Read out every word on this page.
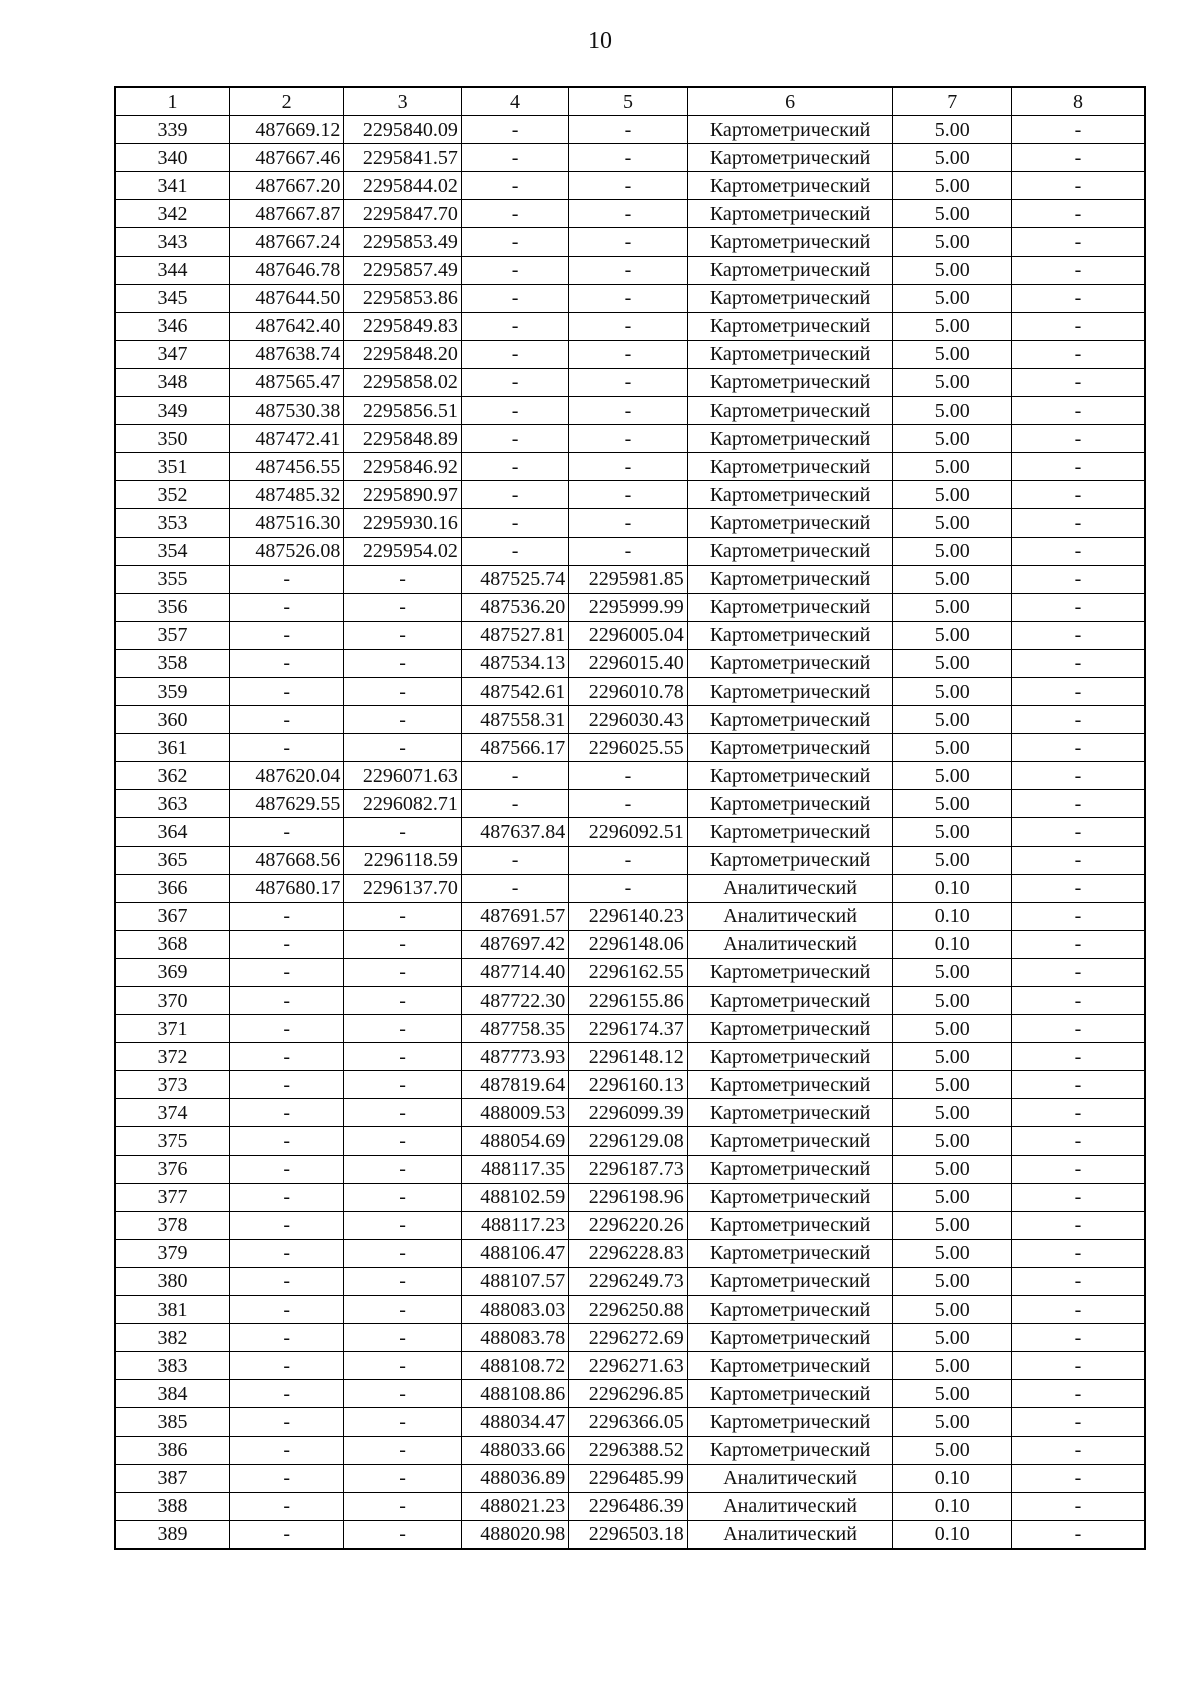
10
1	2	3	4	5	6	7	8
339	487669.12	2295840.09	-	-	Картометрический	5.00	-
340	487667.46	2295841.57	-	-	Картометрический	5.00	-
341	487667.20	2295844.02	-	-	Картометрический	5.00	-
342	487667.87	2295847.70	-	-	Картометрический	5.00	-
343	487667.24	2295853.49	-	-	Картометрический	5.00	-
344	487646.78	2295857.49	-	-	Картометрический	5.00	-
345	487644.50	2295853.86	-	-	Картометрический	5.00	-
346	487642.40	2295849.83	-	-	Картометрический	5.00	-
347	487638.74	2295848.20	-	-	Картометрический	5.00	-
348	487565.47	2295858.02	-	-	Картометрический	5.00	-
349	487530.38	2295856.51	-	-	Картометрический	5.00	-
350	487472.41	2295848.89	-	-	Картометрический	5.00	-
351	487456.55	2295846.92	-	-	Картометрический	5.00	-
352	487485.32	2295890.97	-	-	Картометрический	5.00	-
353	487516.30	2295930.16	-	-	Картометрический	5.00	-
354	487526.08	2295954.02	-	-	Картометрический	5.00	-
355	-	-	487525.74	2295981.85	Картометрический	5.00	-
356	-	-	487536.20	2295999.99	Картометрический	5.00	-
357	-	-	487527.81	2296005.04	Картометрический	5.00	-
358	-	-	487534.13	2296015.40	Картометрический	5.00	-
359	-	-	487542.61	2296010.78	Картометрический	5.00	-
360	-	-	487558.31	2296030.43	Картометрический	5.00	-
361	-	-	487566.17	2296025.55	Картометрический	5.00	-
362	487620.04	2296071.63	-	-	Картометрический	5.00	-
363	487629.55	2296082.71	-	-	Картометрический	5.00	-
364	-	-	487637.84	2296092.51	Картометрический	5.00	-
365	487668.56	2296118.59	-	-	Картометрический	5.00	-
366	487680.17	2296137.70	-	-	Аналитический	0.10	-
367	-	-	487691.57	2296140.23	Аналитический	0.10	-
368	-	-	487697.42	2296148.06	Аналитический	0.10	-
369	-	-	487714.40	2296162.55	Картометрический	5.00	-
370	-	-	487722.30	2296155.86	Картометрический	5.00	-
371	-	-	487758.35	2296174.37	Картометрический	5.00	-
372	-	-	487773.93	2296148.12	Картометрический	5.00	-
373	-	-	487819.64	2296160.13	Картометрический	5.00	-
374	-	-	488009.53	2296099.39	Картометрический	5.00	-
375	-	-	488054.69	2296129.08	Картометрический	5.00	-
376	-	-	488117.35	2296187.73	Картометрический	5.00	-
377	-	-	488102.59	2296198.96	Картометрический	5.00	-
378	-	-	488117.23	2296220.26	Картометрический	5.00	-
379	-	-	488106.47	2296228.83	Картометрический	5.00	-
380	-	-	488107.57	2296249.73	Картометрический	5.00	-
381	-	-	488083.03	2296250.88	Картометрический	5.00	-
382	-	-	488083.78	2296272.69	Картометрический	5.00	-
383	-	-	488108.72	2296271.63	Картометрический	5.00	-
384	-	-	488108.86	2296296.85	Картометрический	5.00	-
385	-	-	488034.47	2296366.05	Картометрический	5.00	-
386	-	-	488033.66	2296388.52	Картометрический	5.00	-
387	-	-	488036.89	2296485.99	Аналитический	0.10	-
388	-	-	488021.23	2296486.39	Аналитический	0.10	-
389	-	-	488020.98	2296503.18	Аналитический	0.10	-
